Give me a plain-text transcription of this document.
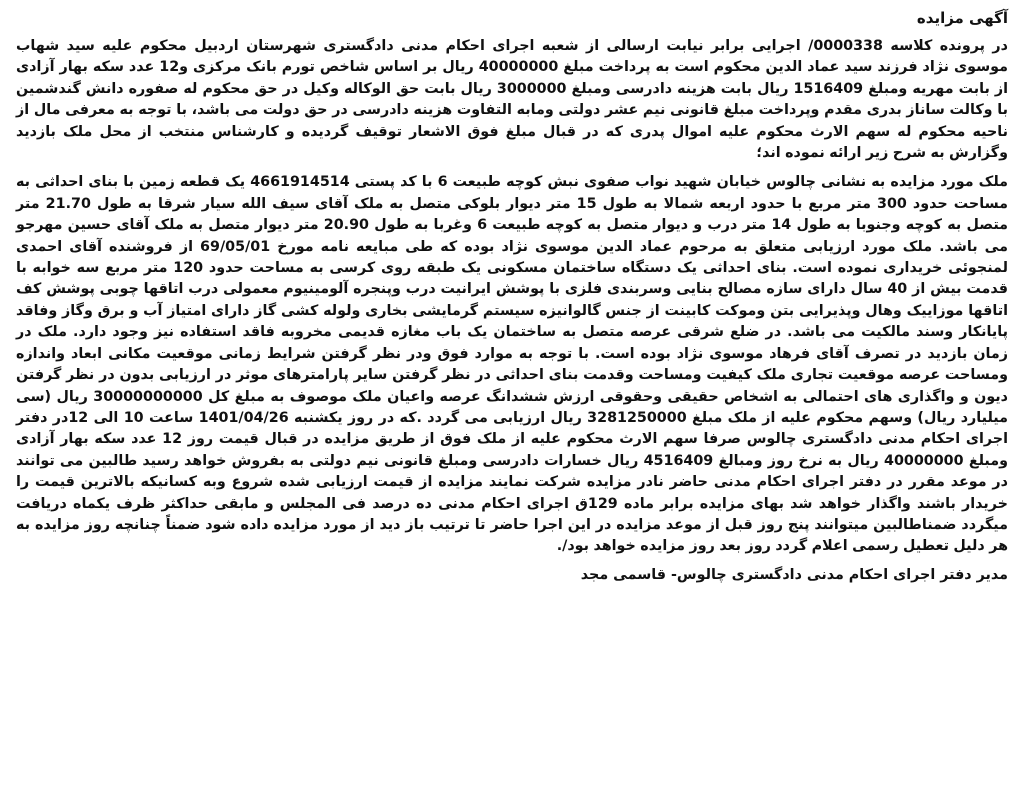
آگهی مزایده

در پرونده کلاسه 0000338/ اجرایی برابر نیابت ارسالی از شعبه اجرای احکام مدنی دادگستری شهرستان اردبیل محکوم علیه سید شهاب موسوی نژاد فرزند سید عماد الدین محکوم است به پرداخت مبلغ 40000000 ریال بر اساس شاخص تورم بانک مرکزی و12 عدد سکه بهار آزادی از بابت مهریه ومبلغ 1516409 ریال بابت هزینه دادرسی ومبلغ 3000000 ریال بابت حق الوکاله وکیل در حق محکوم له صفوره دانش گندشمین با وکالت ساناز بدری مقدم وپرداخت مبلغ قانونی نیم عشر دولتی ومابه التفاوت هزینه دادرسی در حق دولت می باشد، با توجه به معرفی مال از ناحیه محکوم له سهم الارث محکوم علیه اموال پدری که در قبال مبلغ فوق الاشعار توقیف گردیده و کارشناس منتخب از محل ملک بازدید وگزارش به شرح زیر ارائه نموده اند؛

ملک مورد مزایده به نشانی چالوس خیابان شهید نواب صفوی نبش کوچه طبیعت 6 با کد پستی 4661914514 یک قطعه زمین با بنای احداثی به مساحت حدود 300 متر مربع با حدود اربعه شمالا به طول 15 متر دیوار بلوکی متصل به ملک آقای سیف الله سیار شرقا به طول 21.70 متر متصل به کوچه وجنوبا به طول 14 متر درب و دیوار متصل به کوچه طبیعت 6 وغربا به طول 20.90 متر دیوار متصل به ملک آقای حسین مهرجو می باشد. ملک مورد ارزیابی متعلق به مرحوم عماد الدین موسوی نژاد بوده که طی مبایعه نامه مورخ 69/05/01 از فروشنده آقای احمدی لمنجوئی خریداری نموده است. بنای احداثی یک دستگاه ساختمان مسکونی یک طبقه روی کرسی به مساحت حدود 120 متر مربع سه خوابه با قدمت بیش از 40 سال دارای سازه مصالح بنایی وسربندی فلزی با پوشش ایرانیت درب وپنجره آلومینیوم معمولی درب اتاقها چوبی پوشش کف اتاقها موزاییک وهال وپذیرایی بتن وموکت کابینت از جنس گالوانیزه سیستم گرمایشی بخاری ولوله کشی گاز دارای امتیاز آب و برق وگاز وفاقد پایانکار وسند مالکیت می باشد. در ضلع شرقی عرصه متصل به ساختمان یک باب مغازه قدیمی مخروبه فاقد استفاده نیز وجود دارد. ملک در زمان بازدید در تصرف آقای فرهاد موسوی نژاد بوده است. با توجه به موارد فوق ودر نظر گرفتن شرایط زمانی موقعیت مکانی ابعاد واندازه ومساحت عرصه موقعیت تجاری ملک کیفیت ومساحت وقدمت بنای احداثی در نظر گرفتن سایر پارامترهای موثر در ارزیابی بدون در نظر گرفتن دیون و واگذاری های احتمالی به اشخاص حقیقی وحقوقی ارزش ششدانگ عرصه واعیان ملک موصوف به مبلغ کل 30000000000 ریال (سی میلیارد ریال) وسهم محکوم علیه از ملک مبلغ 3281250000 ریال ارزیابی می گردد .که در روز یکشنبه 1401/04/26 ساعت 10 الی 12در دفتر اجرای احکام مدنی دادگستری چالوس صرفا سهم الارث محکوم علیه از ملک فوق از طریق مزایده در قبال قیمت روز 12 عدد سکه بهار آزادی ومبلغ 40000000 ریال به نرخ روز ومبالغ 4516409 ریال خسارات دادرسی ومبلغ قانونی نیم دولتی به بفروش خواهد رسید طالبین می توانند در موعد مقرر در دفتر اجرای احکام مدنی حاضر نادر مزایده شرکت نمایند مزایده از قیمت ارزیابی شده شروع وبه کسانیکه بالاترین قیمت را خریدار باشند واگذار خواهد شد بهای مزایده برابر ماده 129ق اجرای احکام مدنی ده درصد فی المجلس و مابقی حداکثر ظرف یکماه دریافت میگردد ضمناطالبین میتوانند پنج روز قبل از موعد مزایده در این اجرا حاضر تا ترتیب باز دید از مورد مزایده داده شود ضمناً چنانچه روز مزایده به هر دلیل تعطیل رسمی اعلام گردد روز بعد روز مزایده خواهد بود/.

مدیر دفتر اجرای احکام مدنی دادگستری چالوس- قاسمی مجد
